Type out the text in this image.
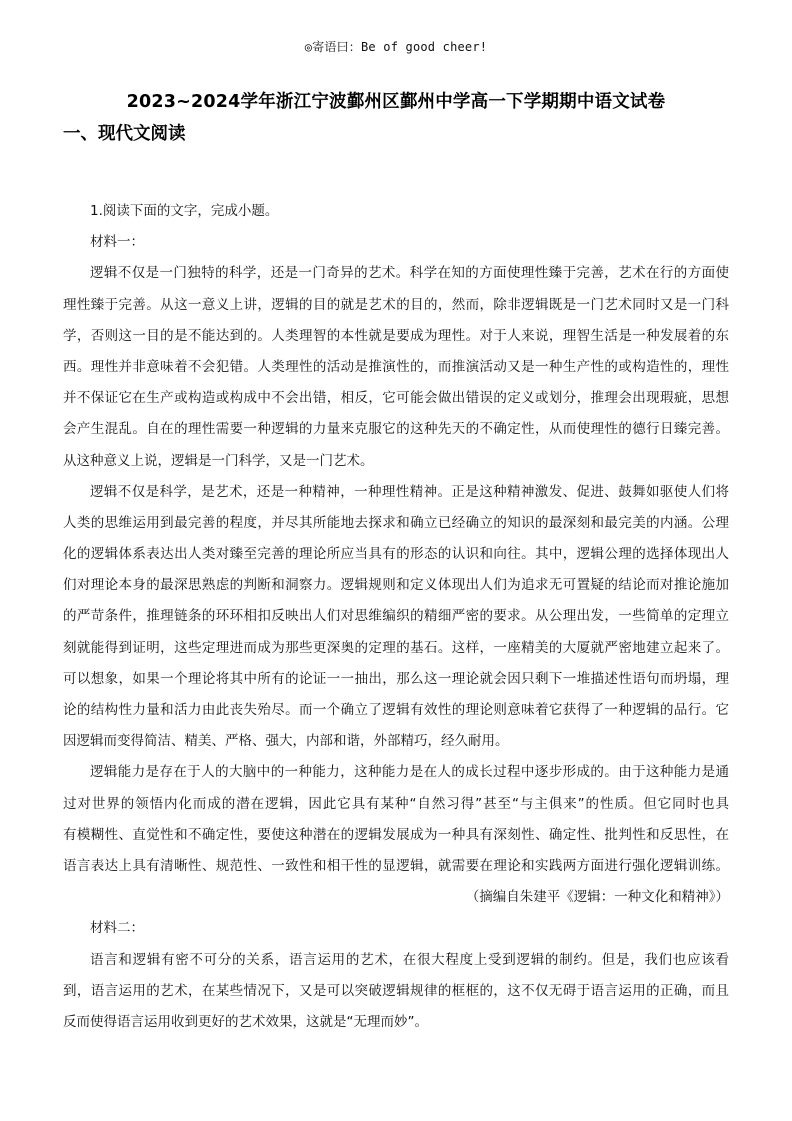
◎寄语曰：Be of good cheer!
2023~2024学年浙江宁波鄞州区鄞州中学高一下学期期中语文试卷
一、现代文阅读
1.阅读下面的文字，完成小题。
材料一：
逻辑不仅是一门独特的科学，还是一门奇异的艺术。科学在知的方面使理性臻于完善，艺术在行的方面使
理性臻于完善。从这一意义上讲，逻辑的目的就是艺术的目的，然而，除非逻辑既是一门艺术同时又是一门科
学，否则这一目的是不能达到的。人类理智的本性就是要成为理性。对于人来说，理智生活是一种发展着的东
西。理性并非意味着不会犯错。人类理性的活动是推演性的，而推演活动又是一种生产性的或构造性的，理性
并不保证它在生产或构造或构成中不会出错，相反，它可能会做出错误的定义或划分，推理会出现瑕疵，思想
会产生混乱。自在的理性需要一种逻辑的力量来克服它的这种先天的不确定性，从而使理性的德行日臻完善。
从这种意义上说，逻辑是一门科学，又是一门艺术。
逻辑不仅是科学，是艺术，还是一种精神，一种理性精神。正是这种精神激发、促进、鼓舞如驱使人们将
人类的思维运用到最完善的程度，并尽其所能地去探求和确立已经确立的知识的最深刻和最完美的内涵。公理
化的逻辑体系表达出人类对臻至完善的理论所应当具有的形态的认识和向往。其中，逻辑公理的选择体现出人
们对理论本身的最深思熟虑的判断和洞察力。逻辑规则和定义体现出人们为追求无可置疑的结论而对推论施加
的严苛条件，推理链条的环环相扣反映出人们对思维编织的精细严密的要求。从公理出发，一些简单的定理立
刻就能得到证明，这些定理进而成为那些更深奥的定理的基石。这样，一座精美的大厦就严密地建立起来了。
可以想象，如果一个理论将其中所有的论证一一抽出，那么这一理论就会因只剩下一堆描述性语句而坍塌，理
论的结构性力量和活力由此丧失殆尽。而一个确立了逻辑有效性的理论则意味着它获得了一种逻辑的品行。它
因逻辑而变得简洁、精美、严格、强大，内部和谐，外部精巧，经久耐用。
逻辑能力是存在于人的大脑中的一种能力，这种能力是在人的成长过程中逐步形成的。由于这种能力是通
过对世界的领悟内化而成的潜在逻辑，因此它具有某种“自然习得”甚至“与主俱来”的性质。但它同时也具
有模糊性、直觉性和不确定性，要使这种潜在的逻辑发展成为一种具有深刻性、确定性、批判性和反思性，在
语言表达上具有清晰性、规范性、一致性和相干性的显逻辑，就需要在理论和实践两方面进行强化逻辑训练。
（摘编自朱建平《逻辑：一种文化和精神》）
材料二：
语言和逻辑有密不可分的关系，语言运用的艺术，在很大程度上受到逻辑的制约。但是，我们也应该看
到，语言运用的艺术，在某些情况下，又是可以突破逻辑规律的框框的，这不仅无碍于语言运用的正确，而且
反而使得语言运用收到更好的艺术效果，这就是“无理而妙”。
